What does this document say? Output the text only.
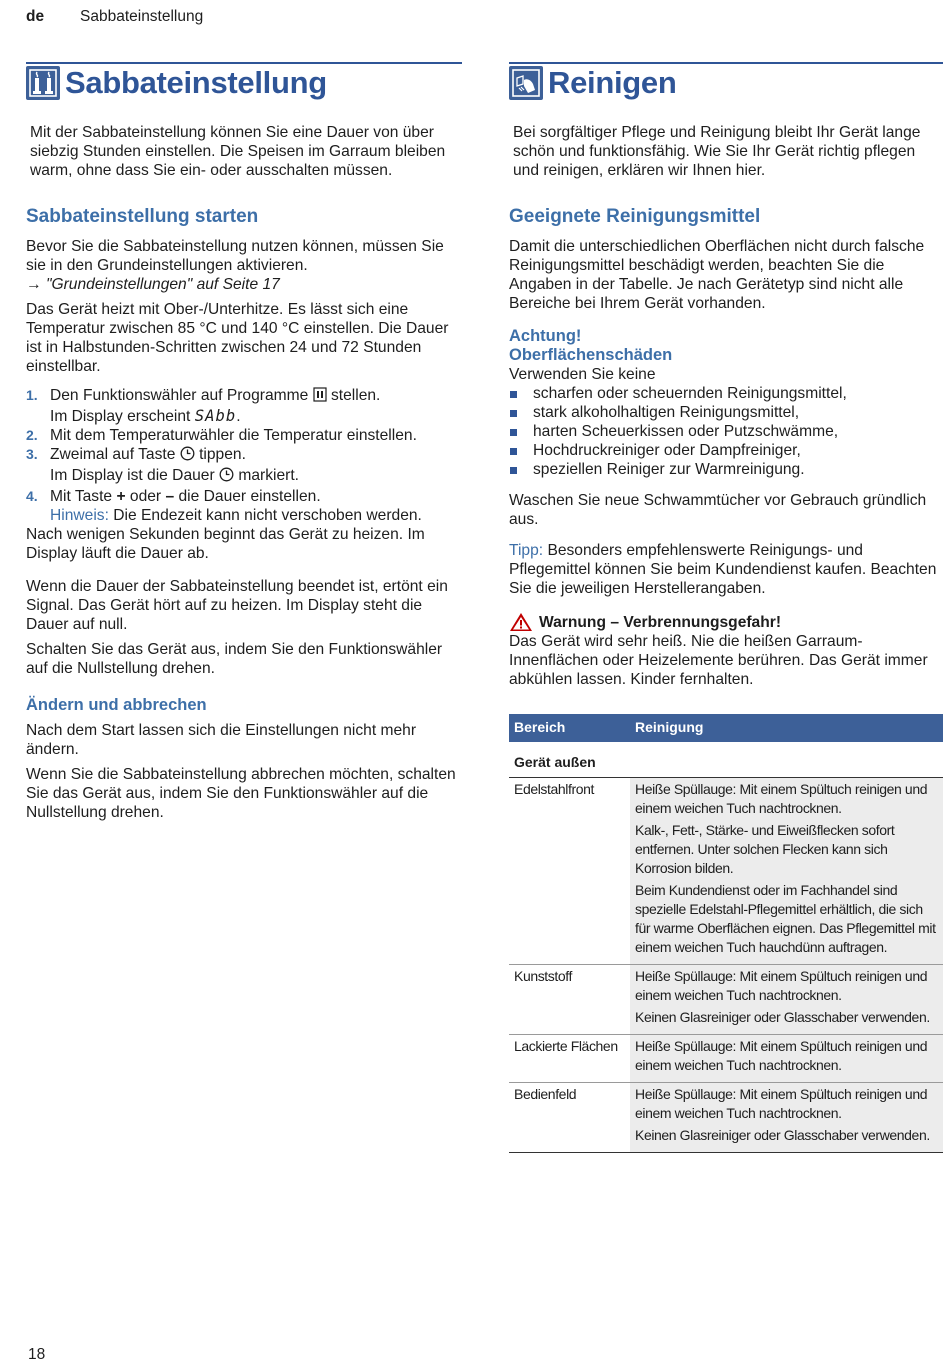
de Sabbateinstellung
Sabbateinstellung

Mit der Sabbateinstellung können Sie eine Dauer von über siebzig Stunden einstellen. Die Speisen im Garraum bleiben warm, ohne dass Sie ein- oder ausschalten müssen.

Sabbateinstellung starten

Bevor Sie die Sabbateinstellung nutzen können, müssen Sie sie in den Grundeinstellungen aktivieren.
→ "Grundeinstellungen" auf Seite 17

Das Gerät heizt mit Ober-/Unterhitze. Es lässt sich eine Temperatur zwischen 85 °C und 140 °C einstellen. Die Dauer ist in Halbstunden-Schritten zwischen 24 und 72 Stunden einstellbar.

1. Den Funktionswähler auf Programme stellen.
Im Display erscheint SAbb.
2. Mit dem Temperaturwähler die Temperatur einstellen.
3. Zweimal auf Taste tippen.
Im Display ist die Dauer markiert.
4. Mit Taste + oder – die Dauer einstellen.
Hinweis: Die Endezeit kann nicht verschoben werden.

Nach wenigen Sekunden beginnt das Gerät zu heizen. Im Display läuft die Dauer ab.

Wenn die Dauer der Sabbateinstellung beendet ist, ertönt ein Signal. Das Gerät hört auf zu heizen. Im Display steht die Dauer auf null.

Schalten Sie das Gerät aus, indem Sie den Funktionswähler auf die Nullstellung drehen.

Ändern und abbrechen

Nach dem Start lassen sich die Einstellungen nicht mehr ändern.

Wenn Sie die Sabbateinstellung abbrechen möchten, schalten Sie das Gerät aus, indem Sie den Funktionswähler auf die Nullstellung drehen.

Reinigen

Bei sorgfältiger Pflege und Reinigung bleibt Ihr Gerät lange schön und funktionsfähig. Wie Sie Ihr Gerät richtig pflegen und reinigen, erklären wir Ihnen hier.

Geeignete Reinigungsmittel

Damit die unterschiedlichen Oberflächen nicht durch falsche Reinigungsmittel beschädigt werden, beachten Sie die Angaben in der Tabelle. Je nach Gerätetyp sind nicht alle Bereiche bei Ihrem Gerät vorhanden.

Achtung!
Oberflächenschäden
Verwenden Sie keine
scharfen oder scheuernden Reinigungsmittel,
stark alkoholhaltigen Reinigungsmittel,
harten Scheuerkissen oder Putzschwämme,
Hochdruckreiniger oder Dampfreiniger,
speziellen Reiniger zur Warmreinigung.

Waschen Sie neue Schwammtücher vor Gebrauch gründlich aus.

Tipp: Besonders empfehlenswerte Reinigungs- und Pflegemittel können Sie beim Kundendienst kaufen. Beachten Sie die jeweiligen Herstellerangaben.

Warnung – Verbrennungsgefahr!

Das Gerät wird sehr heiß. Nie die heißen Garraum-Innenflächen oder Heizelemente berühren. Das Gerät immer abkühlen lassen. Kinder fernhalten.

Bereich	Reinigung
Gerät außen	
Edelstahlfront	Heiße Spüllauge: Mit einem Spültuch reinigen und einem weichen Tuch nachtrocknen.

Kalk-, Fett-, Stärke- und Eiweißflecken sofort entfernen. Unter solchen Flecken kann sich Korrosion bilden.

Beim Kundendienst oder im Fachhandel sind spezielle Edelstahl-Pflegemittel erhältlich, die sich für warme Oberflächen eignen. Das Pflegemittel mit einem weichen Tuch hauchdünn auftragen.

Kunststoff	Heiße Spüllauge: Mit einem Spültuch reinigen und einem weichen Tuch nachtrocknen.

Keinen Glasreiniger oder Glasschaber verwenden.

Lackierte Flächen	Heiße Spüllauge: Mit einem Spültuch reinigen und einem weichen Tuch nachtrocknen.

Bedienfeld	Heiße Spüllauge: Mit einem Spültuch reinigen und einem weichen Tuch nachtrocknen.

Keinen Glasreiniger oder Glasschaber verwenden.

18
